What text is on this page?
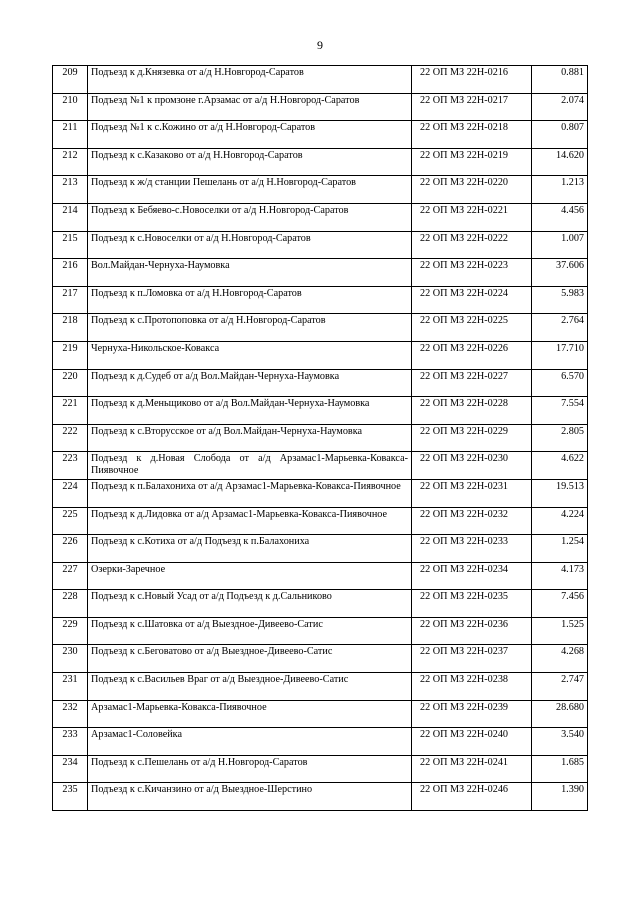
9
209	Подъезд к д.Князевка от а/д Н.Новгород-Саратов	22 ОП МЗ 22Н-0216	0.881
210	Подъезд №1 к промзоне г.Арзамас от а/д Н.Новгород-Саратов	22 ОП МЗ 22Н-0217	2.074
211	Подъезд №1 к с.Кожино от а/д Н.Новгород-Саратов	22 ОП МЗ 22Н-0218	0.807
212	Подъезд к с.Казаково от а/д Н.Новгород-Саратов	22 ОП МЗ 22Н-0219	14.620
213	Подъезд к ж/д станции Пешелань от а/д Н.Новгород-Саратов	22 ОП МЗ 22Н-0220	1.213
214	Подъезд к Бебяево-с.Новоселки от а/д Н.Новгород-Саратов	22 ОП МЗ 22Н-0221	4.456
215	Подъезд к с.Новоселки от а/д Н.Новгород-Саратов	22 ОП МЗ 22Н-0222	1.007
216	Вол.Майдан-Чернуха-Наумовка	22 ОП МЗ 22Н-0223	37.606
217	Подъезд к п.Ломовка от а/д Н.Новгород-Саратов	22 ОП МЗ 22Н-0224	5.983
218	Подъезд к с.Протопоповка от а/д Н.Новгород-Саратов	22 ОП МЗ 22Н-0225	2.764
219	Чернуха-Никольское-Ковакса	22 ОП МЗ 22Н-0226	17.710
220	Подъезд к д.Судеб от а/д Вол.Майдан-Чернуха-Наумовка	22 ОП МЗ 22Н-0227	6.570
221	Подъезд к д.Меньщиково от а/д Вол.Майдан-Чернуха-Наумовка	22 ОП МЗ 22Н-0228	7.554
222	Подъезд к с.Вторусское от а/д Вол.Майдан-Чернуха-Наумовка	22 ОП МЗ 22Н-0229	2.805
223	Подъезд к д.Новая Слобода от а/д Арзамас1-Марьевка-Ковакса-Пиявочное	22 ОП МЗ 22Н-0230	4.622
224	Подъезд к п.Балахониха от а/д Арзамас1-Марьевка-Ковакса-Пиявочное	22 ОП МЗ 22Н-0231	19.513
225	Подъезд к д.Лидовка от а/д Арзамас1-Марьевка-Ковакса-Пиявочное	22 ОП МЗ 22Н-0232	4.224
226	Подъезд к с.Котиха от а/д Подъезд к п.Балахониха	22 ОП МЗ 22Н-0233	1.254
227	Озерки-Заречное	22 ОП МЗ 22Н-0234	4.173
228	Подъезд к с.Новый Усад от а/д Подъезд к д.Сальниково	22 ОП МЗ 22Н-0235	7.456
229	Подъезд к с.Шатовка от а/д Выездное-Дивеево-Сатис	22 ОП МЗ 22Н-0236	1.525
230	Подъезд к с.Беговатово от а/д Выездное-Дивеево-Сатис	22 ОП МЗ 22Н-0237	4.268
231	Подъезд к с.Васильев Враг от а/д Выездное-Дивеево-Сатис	22 ОП МЗ 22Н-0238	2.747
232	Арзамас1-Марьевка-Ковакса-Пиявочное	22 ОП МЗ 22Н-0239	28.680
233	Арзамас1-Соловейка	22 ОП МЗ 22Н-0240	3.540
234	Подъезд к с.Пешелань от а/д Н.Новгород-Саратов	22 ОП МЗ 22Н-0241	1.685
235	Подъезд к с.Кичанзино от а/д Выездное-Шерстино	22 ОП МЗ 22Н-0246	1.390
